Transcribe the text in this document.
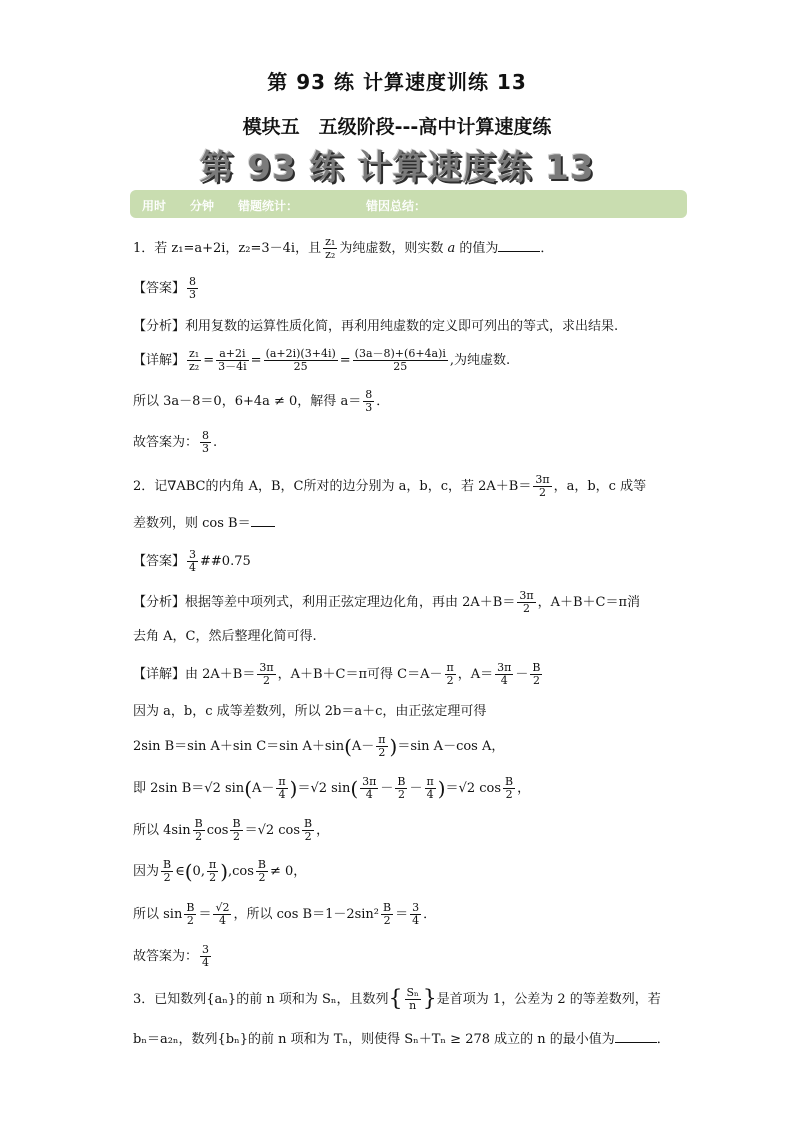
第 93 练 计算速度训练 13
模块五　五级阶段---高中计算速度练
第 93 练 计算速度练 13
用时 分钟 错题统计：	错因总结：
1．若 z₁=a+2i，z₂=3－4i，且 $\frac{\text{z₁}}{\text{z₂}}$ 为纯虚数，则实数 a 的值为	．
【答案】 $\frac{8}{3}$
【分析】利用复数的运算性质化简，再利用纯虚数的定义即可列出的等式，求出结果.
【详解】 $\frac{\text{z₁}}{\text{z₂}} = \frac{a+2i}{3-4i} = \frac{(a+2i)(3+4i)}{25} = \frac{(3a-8)+(6+4a)i}{25}$ ,为纯虚数.
所以 3a－8＝0，6+4a ≠ 0，解得 $a= \frac{8}{3}$ ．
故答案为： $\frac{8}{3}$ .
2．记∇ABC的内角 A，B，C所对的边分别为 a，b，c，若 $2A+B= \frac{3\pi}{2}$ ，a，b，c 成等
差数列，则 cos B＝
【答案】 $\frac{3}{4}$ ##0.75
【分析】根据等差中项列式，利用正弦定理边化角，再由 $2A+B= \frac{3\pi}{2}$ ，A＋B＋C＝π消
去角 A，C，然后整理化简可得.
【详解】由 $2A+B= \frac{3\pi}{2}$ ，A＋B＋C＝π可得 $C=A- \frac{\pi}{2}$ ，$A= \frac{3\pi}{4} - \frac{B}{2}$
因为 a，b，c 成等差数列，所以 2b＝a＋c，由正弦定理可得
2sin B＝sin A＋sin C＝sin $A+\sin(A- \frac{\pi}{2} )=\sin$ A－cos A，
即 2sin B＝√2 $\sin(A- \frac{\pi}{4} )=√2$ $\sin( \frac{3\pi}{4} - \frac{B}{2} - \frac{\pi}{4} )=√2$ $\cos \frac{B}{2}$ ，
所以 $4\sin \frac{B}{2}$ $\cos \frac{B}{2} =√2$ $\cos \frac{B}{2}$ ，
因为 $\frac{B}{2}$ ∈(0, $\frac{\pi}{2} ),\cos \frac{B}{2} \ne 0$，
所以 $\sin \frac{B}{2} = \frac{√2}{4}$ ，所以 $\cos B=1-2\sin^2 \frac{B}{2} = \frac{3}{4}$ ．
故答案为： $\frac{3}{4}$
3．已知数列{aₙ}的前 n 项和为 Sₙ，且数列{ $\frac{\text{Sₙ}}{n}$ }是首项为 1，公差为 2 的等差数列，若
bₙ＝a₂ₙ，数列{bₙ}的前 n 项和为 Tₙ，则使得 Sₙ＋Tₙ ≥ 278 成立的 n 的最小值为	．
